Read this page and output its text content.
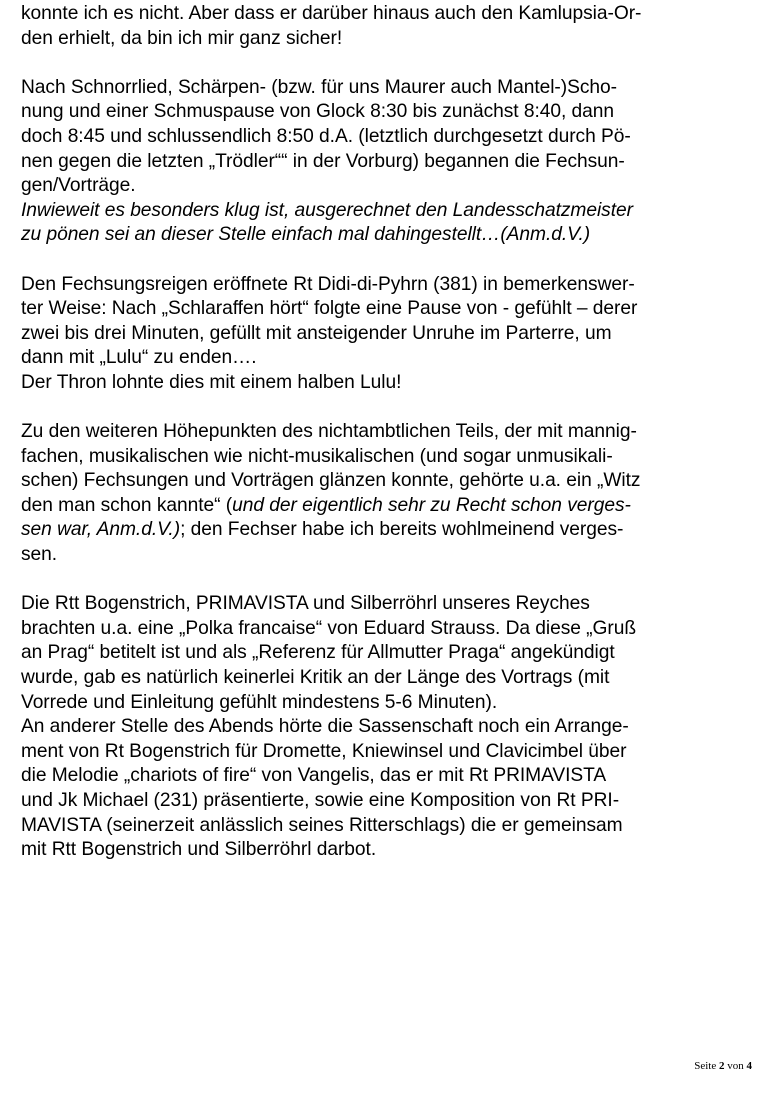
konnte ich es nicht. Aber dass er darüber hinaus auch den Kamlupsia-Or-
den erhielt, da bin ich mir ganz sicher!
Nach Schnorrlied, Schärpen- (bzw. für uns Maurer auch Mantel-)Scho-
nung und einer Schmuspause von Glock 8:30 bis zunächst 8:40, dann
doch 8:45 und schlussendlich 8:50 d.A. (letztlich durchgesetzt durch Pö-
nen gegen die letzten „Trödler““ in der Vorburg) begannen die Fechsun-
gen/Vorträge.
Inwieweit es besonders klug ist, ausgerechnet den Landesschatzmeister
zu pönen sei an dieser Stelle einfach mal dahingestellt…(Anm.d.V.)
Den Fechsungsreigen eröffnete Rt Didi-di-Pyhrn (381) in bemerkenswer-
ter Weise: Nach „Schlaraffen hört“ folgte eine Pause von - gefühlt – derer
zwei bis drei Minuten, gefüllt mit ansteigender Unruhe im Parterre, um
dann mit „Lulu“ zu enden….
Der Thron lohnte dies mit einem halben Lulu!
Zu den weiteren Höhepunkten des nichtambtlichen Teils, der mit mannig-
fachen, musikalischen wie nicht-musikalischen (und sogar unmusikali-
schen) Fechsungen und Vorträgen glänzen konnte, gehörte u.a. ein „Witz
den man schon kannte“ (und der eigentlich sehr zu Recht schon verges-
sen war, Anm.d.V.); den Fechser habe ich bereits wohlmeinend verges-
sen.
Die Rtt Bogenstrich, PRIMAVISTA und Silberröhrl unseres Reyches
brachten u.a. eine „Polka francaise“ von Eduard Strauss. Da diese „Gruß
an Prag“ betitelt ist und als „Referenz für Allmutter Praga“ angekündigt
wurde, gab es natürlich keinerlei Kritik an der Länge des Vortrags (mit
Vorrede und Einleitung gefühlt mindestens 5-6 Minuten).
An anderer Stelle des Abends hörte die Sassenschaft noch ein Arrange-
ment von Rt Bogenstrich für Dromette, Kniewinsel und Clavicimbel über
die Melodie „chariots of fire“ von Vangelis, das er mit Rt PRIMAVISTA
und Jk Michael (231) präsentierte, sowie eine Komposition von Rt PRI-
MAVISTA (seinerzeit anlässlich seines Ritterschlags) die er gemeinsam
mit Rtt Bogenstrich und Silberröhrl darbot.
Seite 2 von 4
